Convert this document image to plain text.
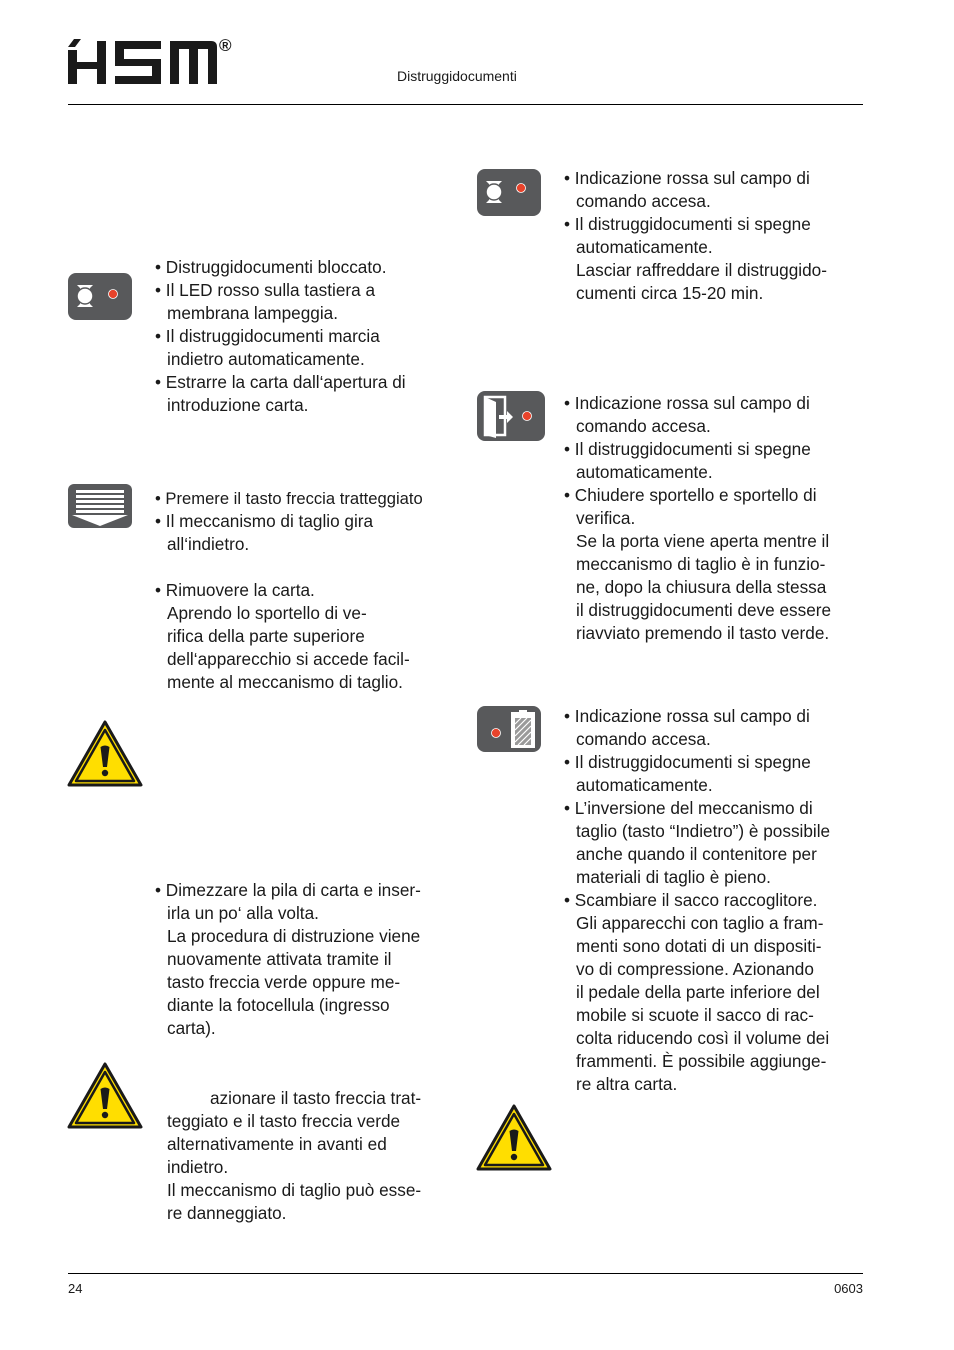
®
Distruggidocumenti

• Distruggidocumenti bloccato.

• Il LED rosso sulla tastiera a

membrana lampeggia.

• Il distruggidocumenti marcia

indietro automaticamente.

• Estrarre la carta dall‘apertura di

introduzione carta.

• Premere il tasto freccia tratteggiato

• Il meccanismo di taglio gira

all‘indietro.

• Rimuovere la carta.

Aprendo lo sportello di ve-

rifica della parte superiore

dell‘apparecchio si accede facil-

mente al meccanismo di taglio.

• Dimezzare la pila di carta e inser-

irla un po‘ alla volta.

La procedura di distruzione viene

nuovamente attivata tramite il

tasto freccia verde oppure me-

diante la fotocellula (ingresso

carta).

azionare il tasto freccia trat-

teggiato e il tasto freccia verde

alternativamente in avanti ed

indietro.

Il meccanismo di taglio può esse-

re danneggiato.

• Indicazione rossa sul campo di

comando accesa.

• Il distruggidocumenti si spegne

automaticamente.

Lasciar raffreddare il distruggido-

cumenti circa 15-20 min.

• Indicazione rossa sul campo di

comando accesa.

• Il distruggidocumenti si spegne

automaticamente.

• Chiudere sportello e sportello di

verifica.

Se la porta viene aperta mentre il

meccanismo di taglio è in funzio-

ne, dopo la chiusura della stessa

il distruggidocumenti deve essere

riavviato premendo il tasto verde.

• Indicazione rossa sul campo di

comando accesa.

• Il distruggidocumenti si spegne

automaticamente.

• L’inversione del meccanismo di

taglio (tasto “Indietro”) è possibile

anche quando il contenitore per

materiali di taglio è pieno.

• Scambiare il sacco raccoglitore.

Gli apparecchi con taglio a fram-

menti sono dotati di un dispositi-

vo di compressione. Azionando

il pedale della parte inferiore del

mobile si scuote il sacco di rac-

colta riducendo così il volume dei

frammenti. È possibile aggiunge-

re altra carta.

24	0603
